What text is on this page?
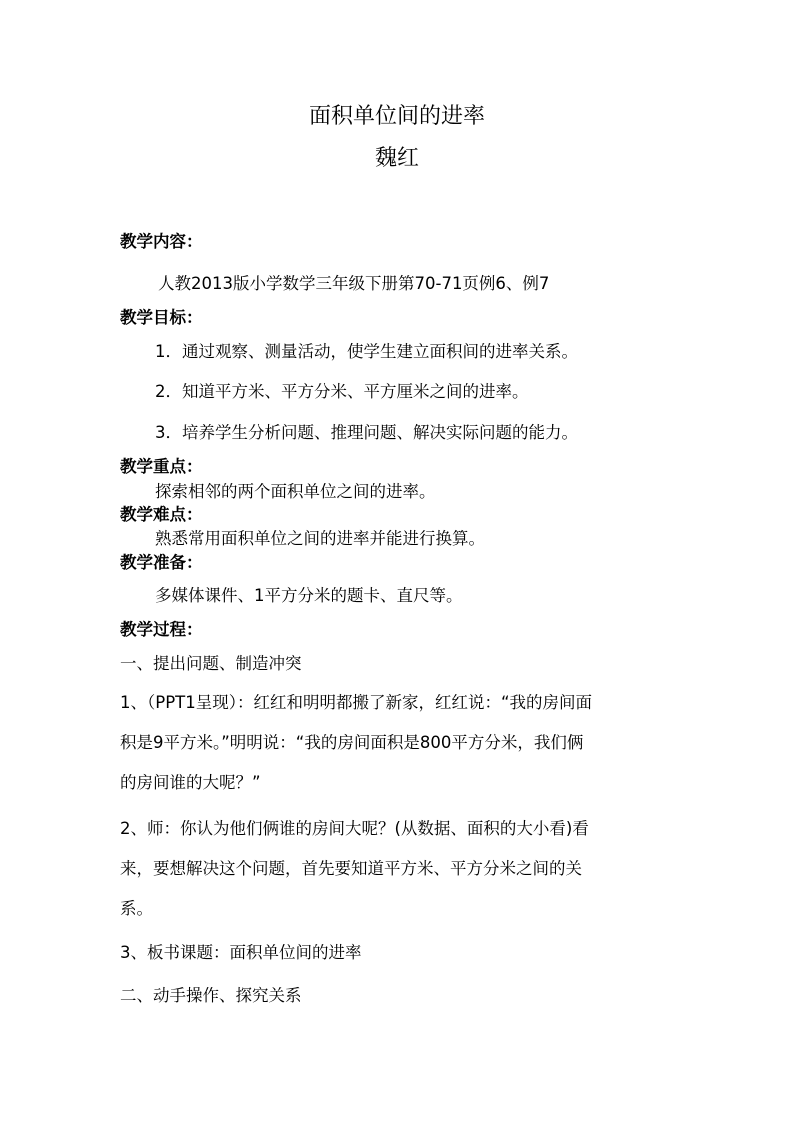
面积单位间的进率
魏红
教学内容：
人教2013版小学数学三年级下册第70-71页例6、例7
教学目标：
1．通过观察、测量活动，使学生建立面积间的进率关系。
2．知道平方米、平方分米、平方厘米之间的进率。
3．培养学生分析问题、推理问题、解决实际问题的能力。
教学重点：
探索相邻的两个面积单位之间的进率。
教学难点：
熟悉常用面积单位之间的进率并能进行换算。
教学准备：
多媒体课件、1平方分米的题卡、直尺等。
教学过程：
一、提出问题、制造冲突
1、（PPT1呈现）：红红和明明都搬了新家，红红说：“我的房间面
积是9平方米。”明明说：“我的房间面积是800平方分米，我们俩
的房间谁的大呢？”
2、师：你认为他们俩谁的房间大呢？(从数据、面积的大小看)看
来，要想解决这个问题，首先要知道平方米、平方分米之间的关
系。
3、板书课题：面积单位间的进率
二、动手操作、探究关系
